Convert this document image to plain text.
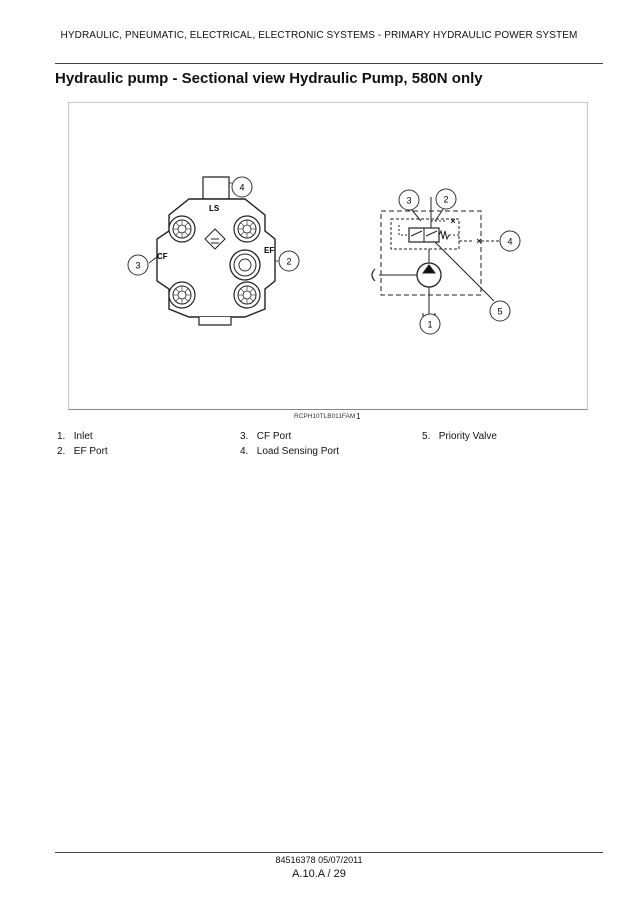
HYDRAULIC, PNEUMATIC, ELECTRICAL, ELECTRONIC SYSTEMS - PRIMARY HYDRAULIC POWER SYSTEM
Hydraulic pump - Sectional view Hydraulic Pump, 580N only
LS
CF
EF
4
2
3
3	2
4
5
1
RCPH10TLB011FAM 1
1. Inlet
2. EF Port
3. CF Port
4. Load Sensing Port
5. Priority Valve
84516378 05/07/2011
A.10.A / 29
